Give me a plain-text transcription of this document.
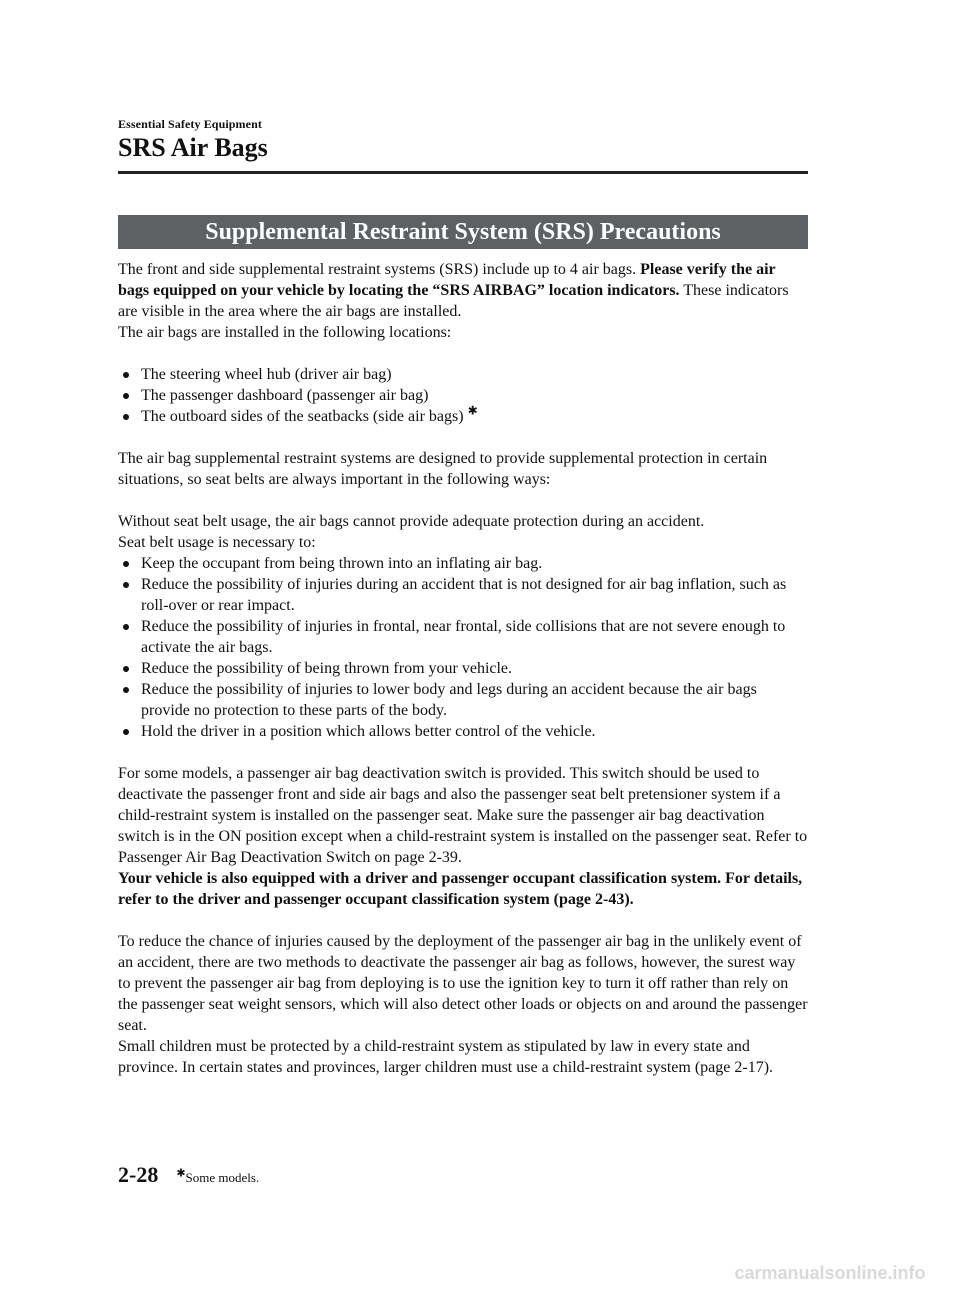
Essential Safety Equipment
SRS Air Bags
Supplemental Restraint System (SRS) Precautions

The front and side supplemental restraint systems (SRS) include up to 4 air bags. Please verify the air bags equipped on your vehicle by locating the “SRS AIRBAG” location indicators. These indicators are visible in the area where the air bags are installed.

The air bags are installed in the following locations:

The steering wheel hub (driver air bag)
The passenger dashboard (passenger air bag)
The outboard sides of the seatbacks (side air bags) ✱

The air bag supplemental restraint systems are designed to provide supplemental protection in certain situations, so seat belts are always important in the following ways:

Without seat belt usage, the air bags cannot provide adequate protection during an accident.

Seat belt usage is necessary to:

Keep the occupant from being thrown into an inflating air bag.
Reduce the possibility of injuries during an accident that is not designed for air bag inflation, such as roll-over or rear impact.
Reduce the possibility of injuries in frontal, near frontal, side collisions that are not severe enough to activate the air bags.
Reduce the possibility of being thrown from your vehicle.
Reduce the possibility of injuries to lower body and legs during an accident because the air bags provide no protection to these parts of the body.
Hold the driver in a position which allows better control of the vehicle.

For some models, a passenger air bag deactivation switch is provided. This switch should be used to deactivate the passenger front and side air bags and also the passenger seat belt pretensioner system if a child-restraint system is installed on the passenger seat. Make sure the passenger air bag deactivation switch is in the ON position except when a child-restraint system is installed on the passenger seat. Refer to Passenger Air Bag Deactivation Switch on page 2-39.

Your vehicle is also equipped with a driver and passenger occupant classification system. For details, refer to the driver and passenger occupant classification system (page 2-43).

To reduce the chance of injuries caused by the deployment of the passenger air bag in the unlikely event of an accident, there are two methods to deactivate the passenger air bag as follows, however, the surest way to prevent the passenger air bag from deploying is to use the ignition key to turn it off rather than rely on the passenger seat weight sensors, which will also detect other loads or objects on and around the passenger seat.

Small children must be protected by a child-restraint system as stipulated by law in every state and province. In certain states and provinces, larger children must use a child-restraint system (page 2-17).

2-28 ✱Some models.
carmanualsonline.info
